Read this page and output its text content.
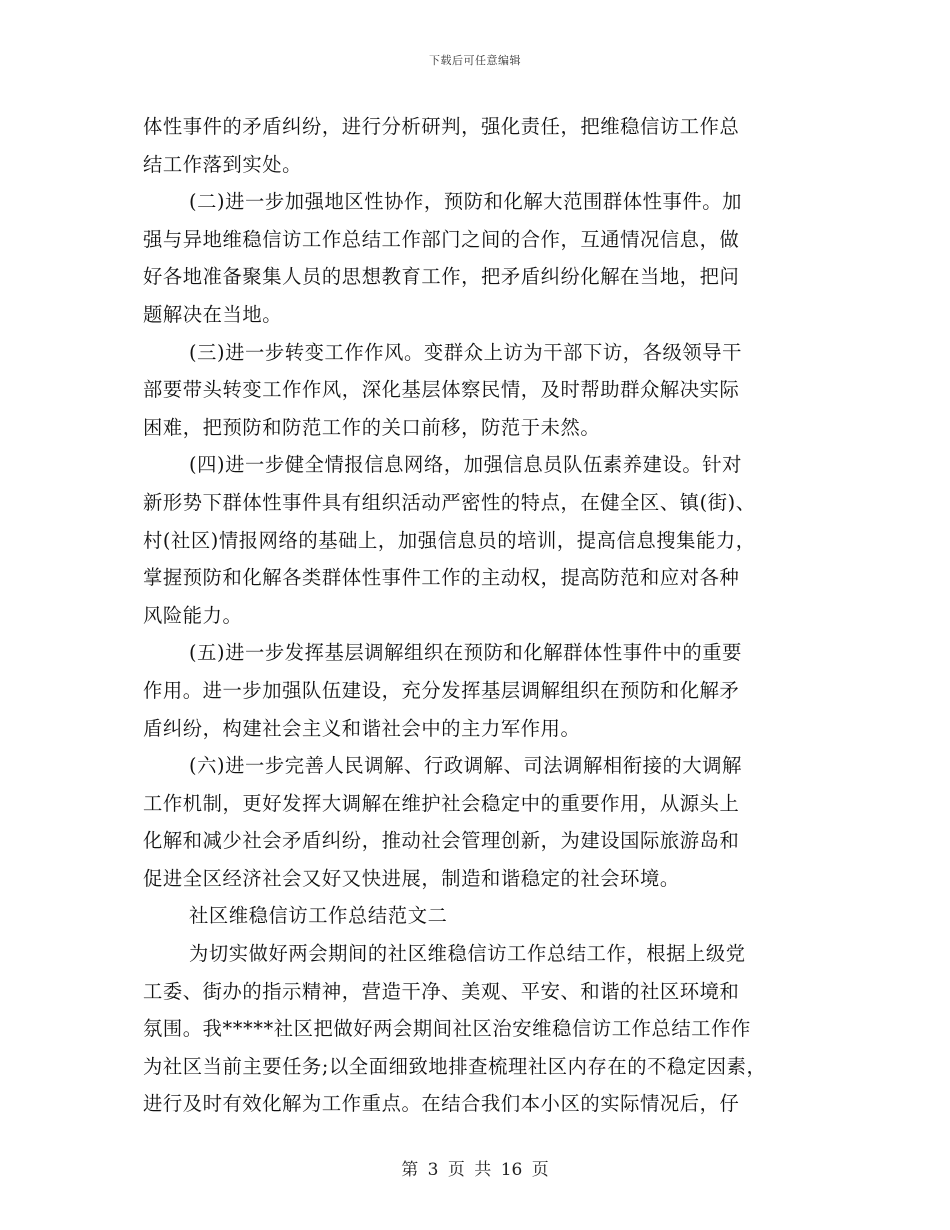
下载后可任意编辑
体性事件的矛盾纠纷，进行分析研判，强化责任，把维稳信访工作总
结工作落到实处。
(二)进一步加强地区性协作，预防和化解大范围群体性事件。加
强与异地维稳信访工作总结工作部门之间的合作，互通情况信息，做
好各地准备聚集人员的思想教育工作，把矛盾纠纷化解在当地，把问
题解决在当地。
(三)进一步转变工作作风。变群众上访为干部下访，各级领导干
部要带头转变工作作风，深化基层体察民情，及时帮助群众解决实际
困难，把预防和防范工作的关口前移，防范于未然。
(四)进一步健全情报信息网络，加强信息员队伍素养建设。针对
新形势下群体性事件具有组织活动严密性的特点，在健全区、镇(街)、
村(社区)情报网络的基础上，加强信息员的培训，提高信息搜集能力，
掌握预防和化解各类群体性事件工作的主动权，提高防范和应对各种
风险能力。
(五)进一步发挥基层调解组织在预防和化解群体性事件中的重要
作用。进一步加强队伍建设，充分发挥基层调解组织在预防和化解矛
盾纠纷，构建社会主义和谐社会中的主力军作用。
(六)进一步完善人民调解、行政调解、司法调解相衔接的大调解
工作机制，更好发挥大调解在维护社会稳定中的重要作用，从源头上
化解和减少社会矛盾纠纷，推动社会管理创新，为建设国际旅游岛和
促进全区经济社会又好又快进展，制造和谐稳定的社会环境。
社区维稳信访工作总结范文二
为切实做好两会期间的社区维稳信访工作总结工作，根据上级党
工委、街办的指示精神，营造干净、美观、平安、和谐的社区环境和
氛围。我*****社区把做好两会期间社区治安维稳信访工作总结工作作
为社区当前主要任务;以全面细致地排查梳理社区内存在的不稳定因素，
进行及时有效化解为工作重点。在结合我们本小区的实际情况后，仔
第 3 页 共 16 页
